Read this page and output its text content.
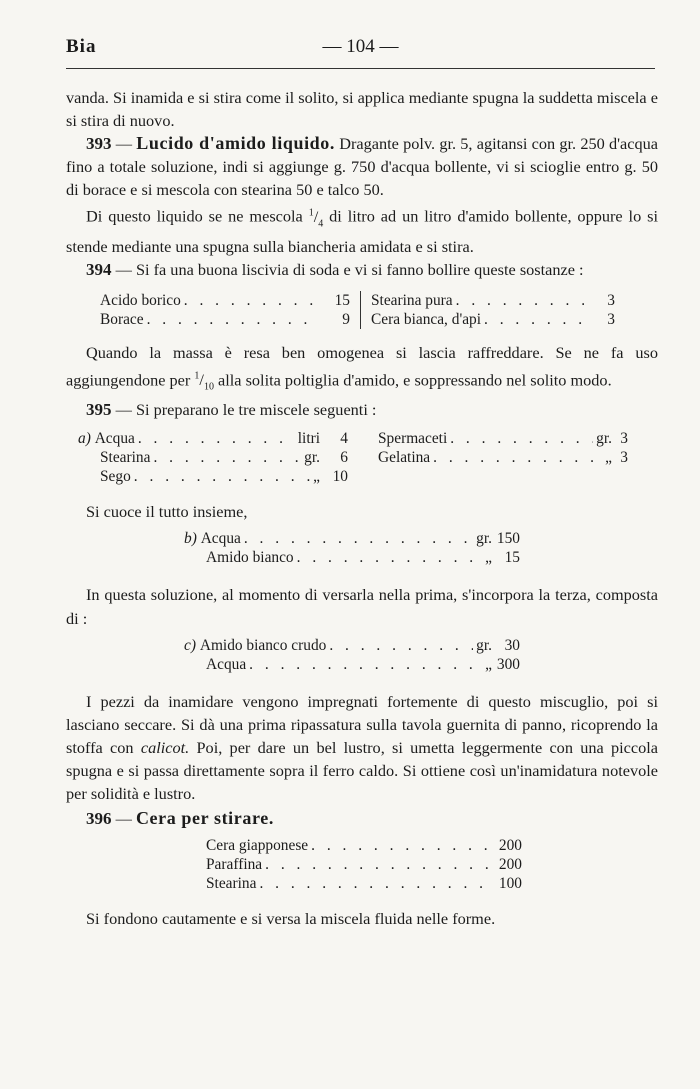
Bia	— 104 —

vanda. Si inamida e si stira come il solito, si applica mediante spugna la suddetta miscela e si stira di nuovo.

393 — Lucido d'amido liquido. Dragante polv. gr. 5, agitansi con gr. 250 d'acqua fino a totale soluzione, indi si aggiunge g. 750 d'acqua bollente, vi si scioglie entro g. 50 di borace e si mescola con stearina 50 e talco 50.

Di questo liquido se ne mescola $^1/_4$ di litro ad un litro d'amido bollente, oppure lo si stende mediante una spugna sulla biancheria amidata e si stira.

394 — Si fa una buona liscivia di soda e vi si fanno bollire queste sostanze :

Acido borico . . .	15
Borace . . .	9
Stearina pura . . .	3
Cera bianca, d'api . . .	3

Quando la massa è resa ben omogenea si lascia raffreddare. Se ne fa uso aggiungendone per $^1/_{10}$ alla solita poltiglia d'amido, e soppressando nel solito modo.

395 — Si preparano le tre miscele seguenti :

a)
Acqua . . .	litri	4
Stearina . . .	gr.	6
Sego . . .	„ 10
Spermaceti . . .	gr. 3
Gelatina . . .	„ 3

Si cuoce il tutto insieme,

b)
Acqua . . .	gr. 150
Amido bianco . . .	„ 15

In questa soluzione, al momento di versarla nella prima, s'incorpora la terza, composta di :

c)
Amido bianco crudo . . .	gr. 30
Acqua . . .	„ 300

I pezzi da inamidare vengono impregnati fortemente di questo miscuglio, poi si lasciano seccare. Si dà una prima ripassatura sulla tavola guernita di panno, ricoprendo la stoffa con calicot. Poi, per dare un bel lustro, si umetta leggermente con una piccola spugna e si passa direttamente sopra il ferro caldo. Si ottiene così un'inamidatura notevole per solidità e lustro.

396 — Cera per stirare.

Cera giapponese . . .	200
Paraffina . . .	200
Stearina . . .	100

Si fondono cautamente e si versa la miscela fluida nelle forme.
